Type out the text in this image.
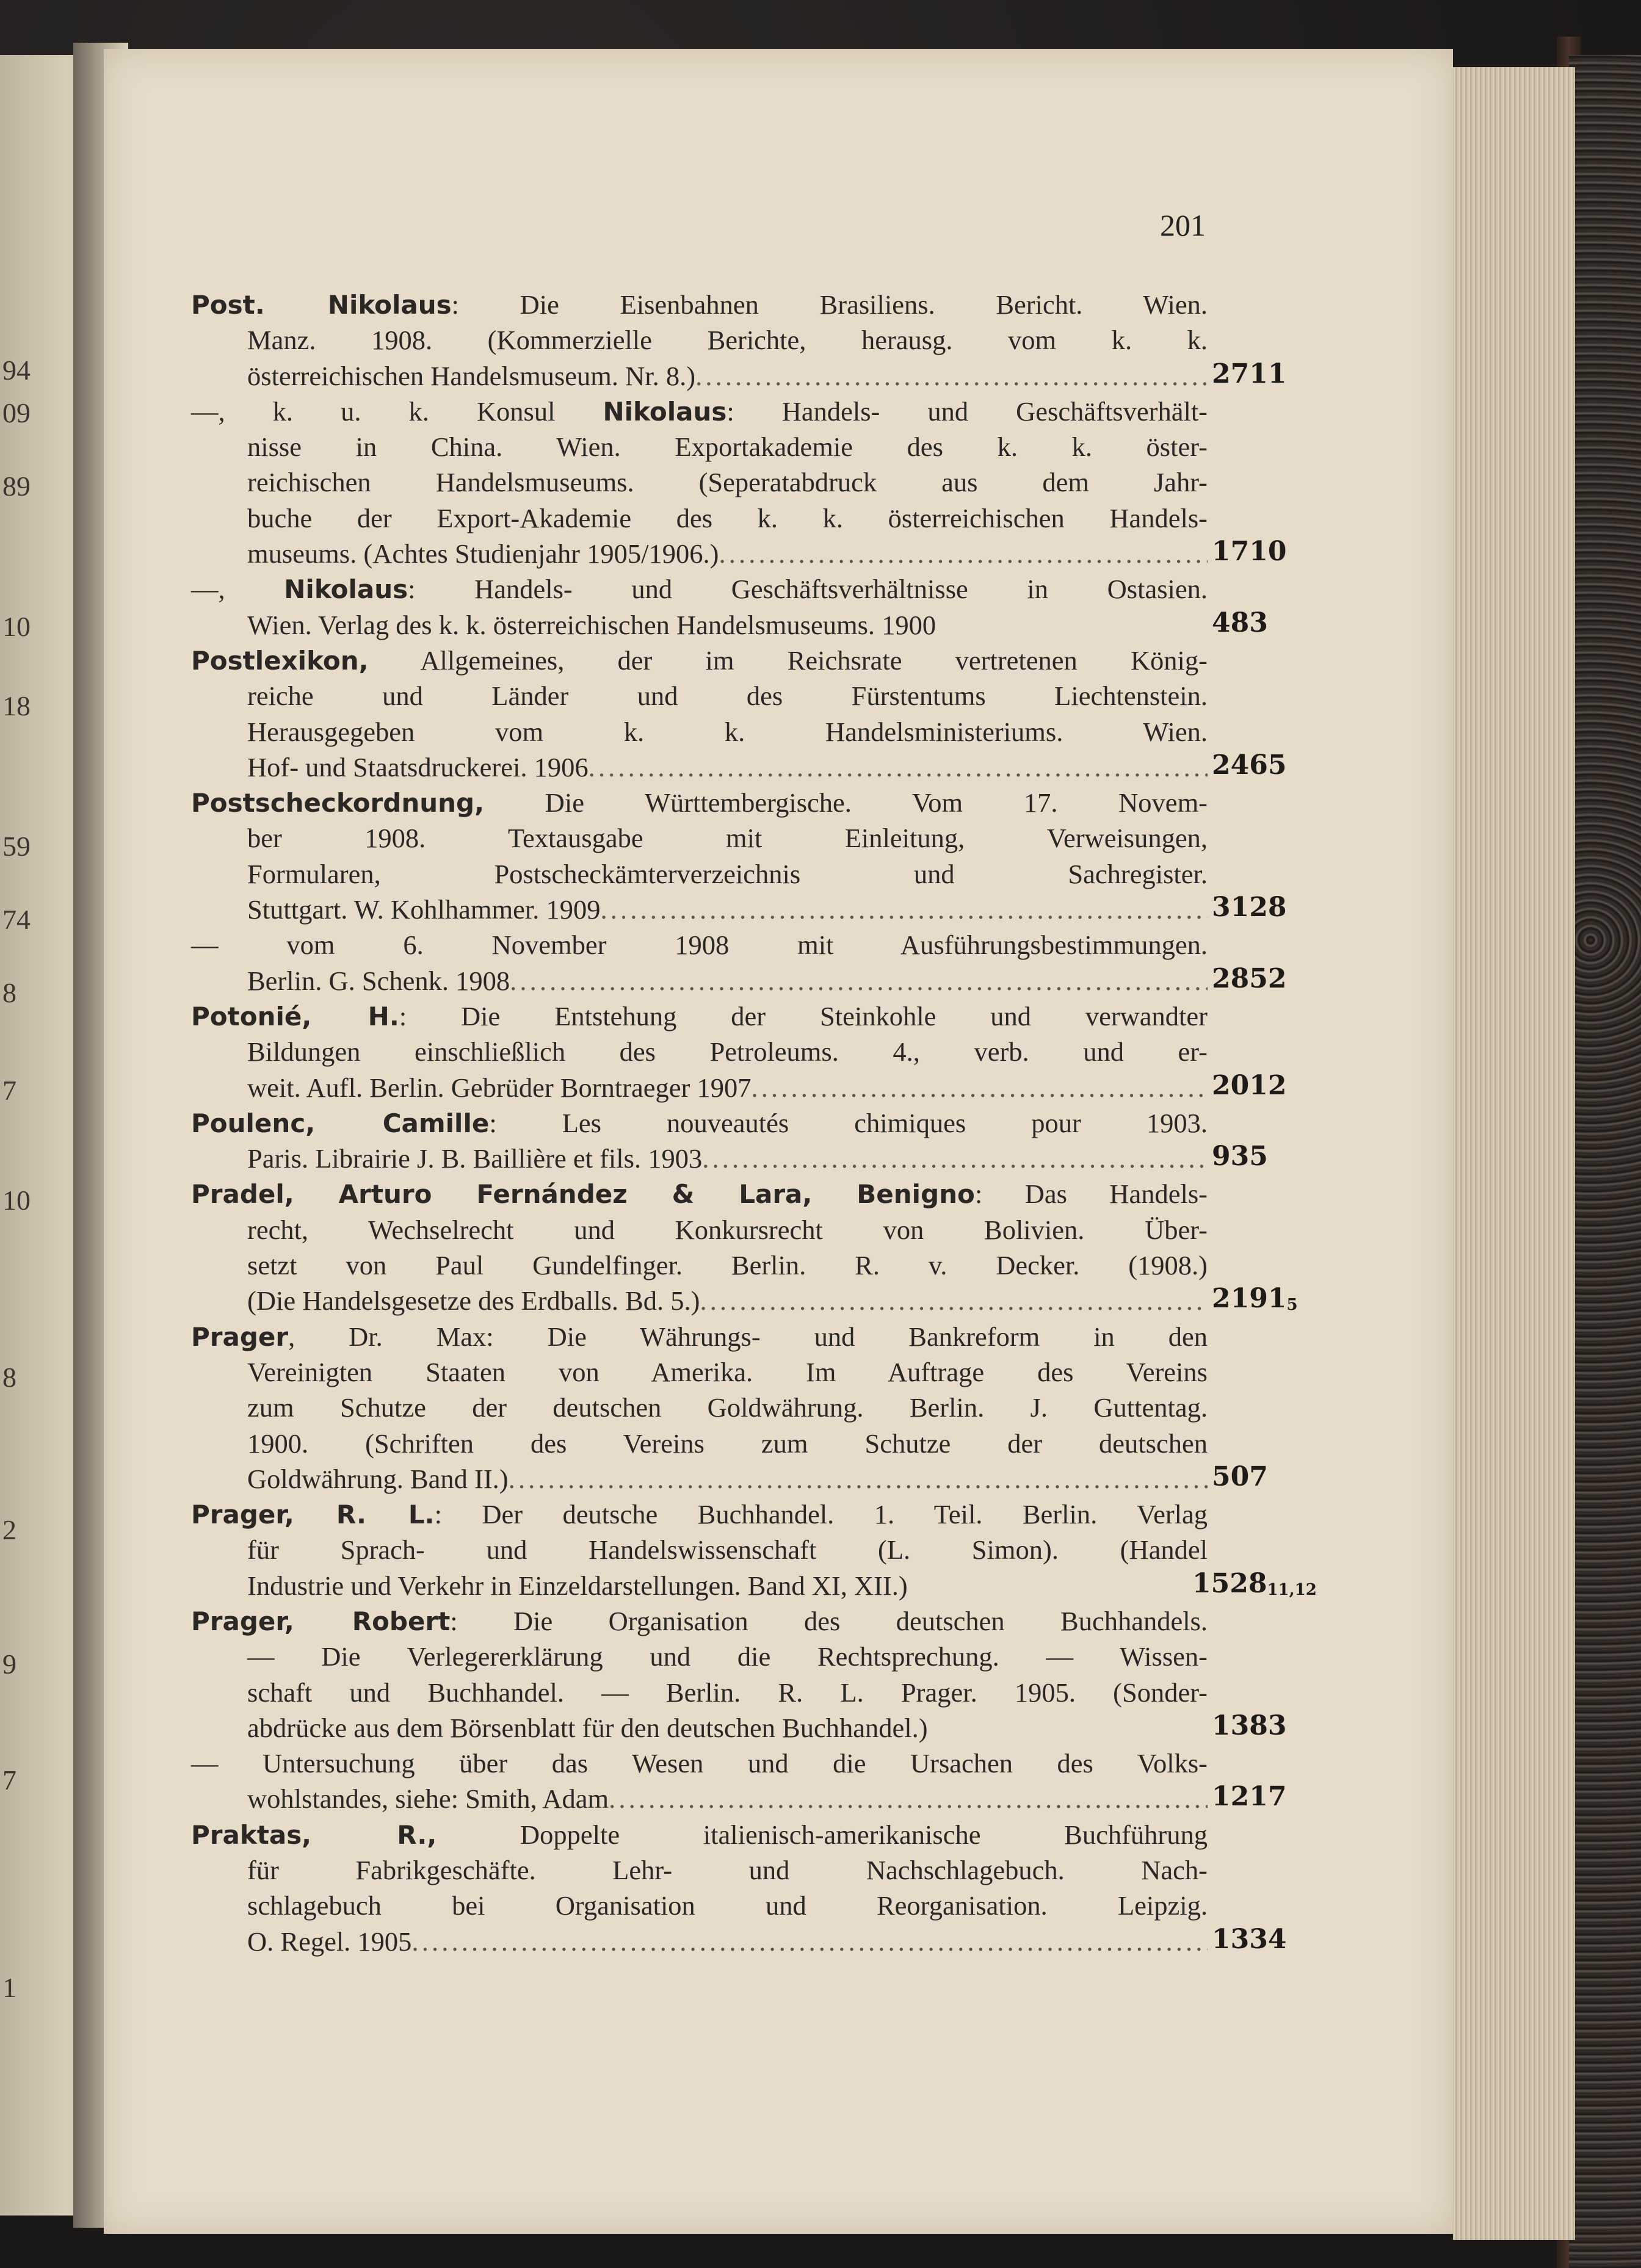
94
09
89
10
18
59
74
8
7
10
8
2
9
7
1
201
Post. Nikolaus: Die Eisenbahnen Brasiliens. Bericht. Wien.
Manz. 1908. (Kommerzielle Berichte, herausg. vom k. k.
österreichischen Handelsmuseum. Nr. 8.) . . .	2711
—, k. u. k. Konsul Nikolaus: Handels- und Geschäftsverhält-
nisse in China. Wien. Exportakademie des k. k. öster-
reichischen Handelsmuseums. (Seperatabdruck aus dem Jahr-
buche der Export-Akademie des k. k. österreichischen Handels-
museums. (Achtes Studienjahr 1905/1906.) . . .	1710
—, Nikolaus: Handels- und Geschäftsverhältnisse in Ostasien.
Wien. Verlag des k. k. österreichischen Handelsmuseums. 1900	483
Postlexikon, Allgemeines, der im Reichsrate vertretenen König-
reiche und Länder und des Fürstentums Liechtenstein.
Herausgegeben vom k. k. Handelsministeriums. Wien.
Hof- und Staatsdruckerei. 1906 . . .	2465
Postscheckordnung, Die Württembergische. Vom 17. Novem-
ber 1908. Textausgabe mit Einleitung, Verweisungen,
Formularen, Postscheckämterverzeichnis und Sachregister.
Stuttgart. W. Kohlhammer. 1909 . . .	3128
— vom 6. November 1908 mit Ausführungsbestimmungen.
Berlin. G. Schenk. 1908 . . .	2852
Potonié, H.: Die Entstehung der Steinkohle und verwandter
Bildungen einschließlich des Petroleums. 4., verb. und er-
weit. Aufl. Berlin. Gebrüder Borntraeger 1907 . . .	2012
Poulenc, Camille: Les nouveautés chimiques pour 1903.
Paris. Librairie J. B. Baillière et fils. 1903 . . .	935
Pradel, Arturo Fernández & Lara, Benigno: Das Handels-
recht, Wechselrecht und Konkursrecht von Bolivien. Über-
setzt von Paul Gundelfinger. Berlin. R. v. Decker. (1908.)
(Die Handelsgesetze des Erdballs. Bd. 5.) . . .	$2191_5$
Prager, Dr. Max: Die Währungs- und Bankreform in den
Vereinigten Staaten von Amerika. Im Auftrage des Vereins
zum Schutze der deutschen Goldwährung. Berlin. J. Guttentag.
1900. (Schriften des Vereins zum Schutze der deutschen
Goldwährung. Band II.) . . .	507
Prager, R. L.: Der deutsche Buchhandel. 1. Teil. Berlin. Verlag
für Sprach- und Handelswissenschaft (L. Simon). (Handel
Industrie und Verkehr in Einzeldarstellungen. Band XI, XII.)	$1528_{11,12}$
Prager, Robert: Die Organisation des deutschen Buchhandels.
— Die Verlegererklärung und die Rechtsprechung. — Wissen-
schaft und Buchhandel. — Berlin. R. L. Prager. 1905. (Sonder-
abdrücke aus dem Börsenblatt für den deutschen Buchhandel.)	1383
— Untersuchung über das Wesen und die Ursachen des Volks-
wohlstandes, siehe: Smith, Adam . . .	1217
Praktas, R., Doppelte italienisch-amerikanische Buchführung
für Fabrikgeschäfte. Lehr- und Nachschlagebuch. Nach-
schlagebuch bei Organisation und Reorganisation. Leipzig.
O. Regel. 1905 . . .	1334
